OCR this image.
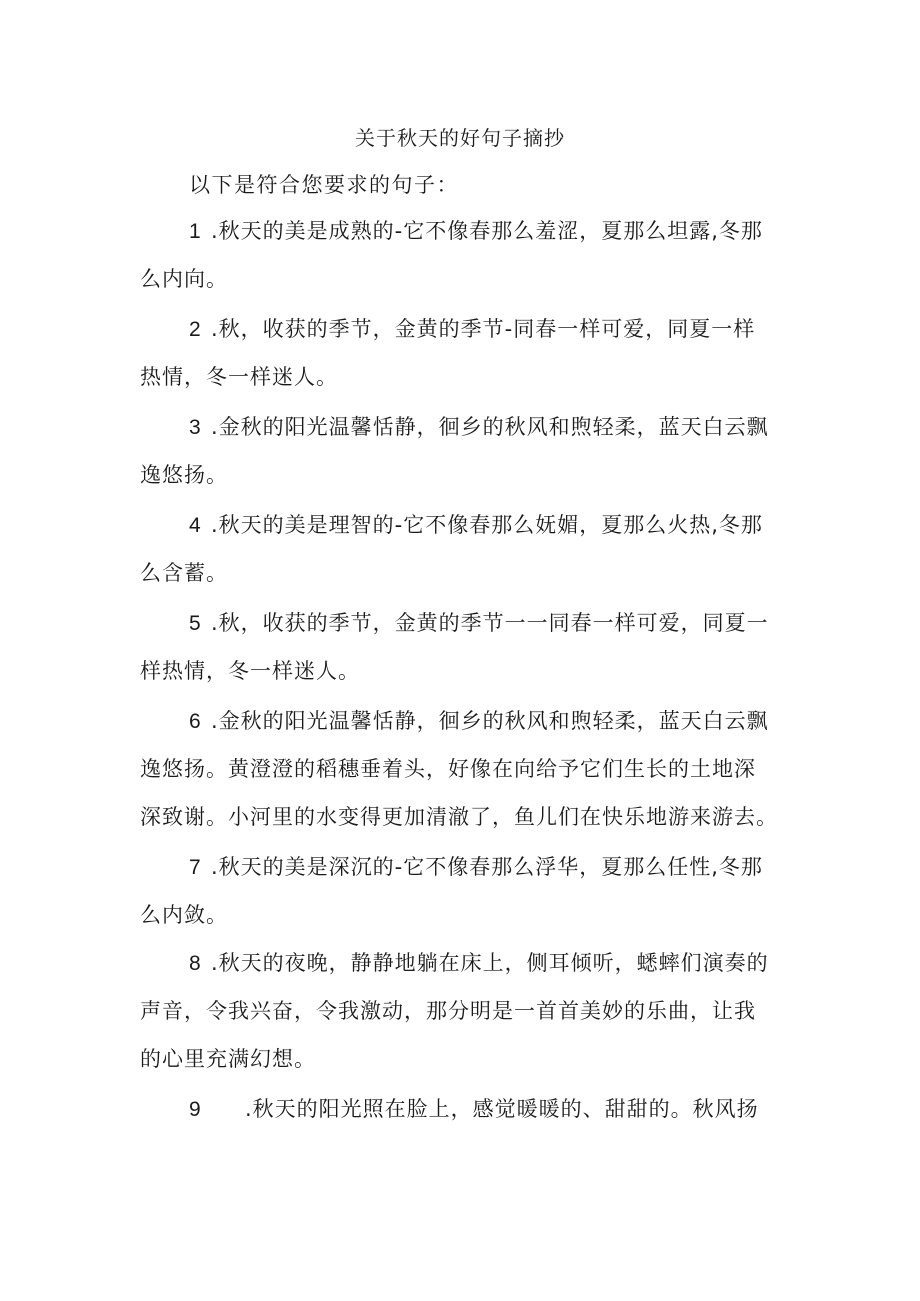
关于秋天的好句子摘抄
以下是符合您要求的句子：
1 .秋天的美是成熟的-它不像春那么羞涩，夏那么坦露,冬那
么内向。
2 .秋，收获的季节，金黄的季节-同春一样可爱，同夏一样
热情，冬一样迷人。
3 .金秋的阳光温馨恬静，徊乡的秋风和煦轻柔，蓝天白云飘
逸悠扬。
4 .秋天的美是理智的-它不像春那么妩媚，夏那么火热,冬那
么含蓄。
5 .秋，收获的季节，金黄的季节一一同春一样可爱，同夏一
样热情，冬一样迷人。
6 .金秋的阳光温馨恬静，徊乡的秋风和煦轻柔，蓝天白云飘
逸悠扬。黄澄澄的稻穗垂着头，好像在向给予它们生长的土地深
深致谢。小河里的水变得更加清澈了，鱼儿们在快乐地游来游去。
7 .秋天的美是深沉的-它不像春那么浮华，夏那么任性,冬那
么内敛。
8 .秋天的夜晚，静静地躺在床上，侧耳倾听，蟋蟀们演奏的
声音，令我兴奋，令我激动，那分明是一首首美妙的乐曲，让我
的心里充满幻想。
9 .秋天的阳光照在脸上，感觉暖暖的、甜甜的。秋风扬
